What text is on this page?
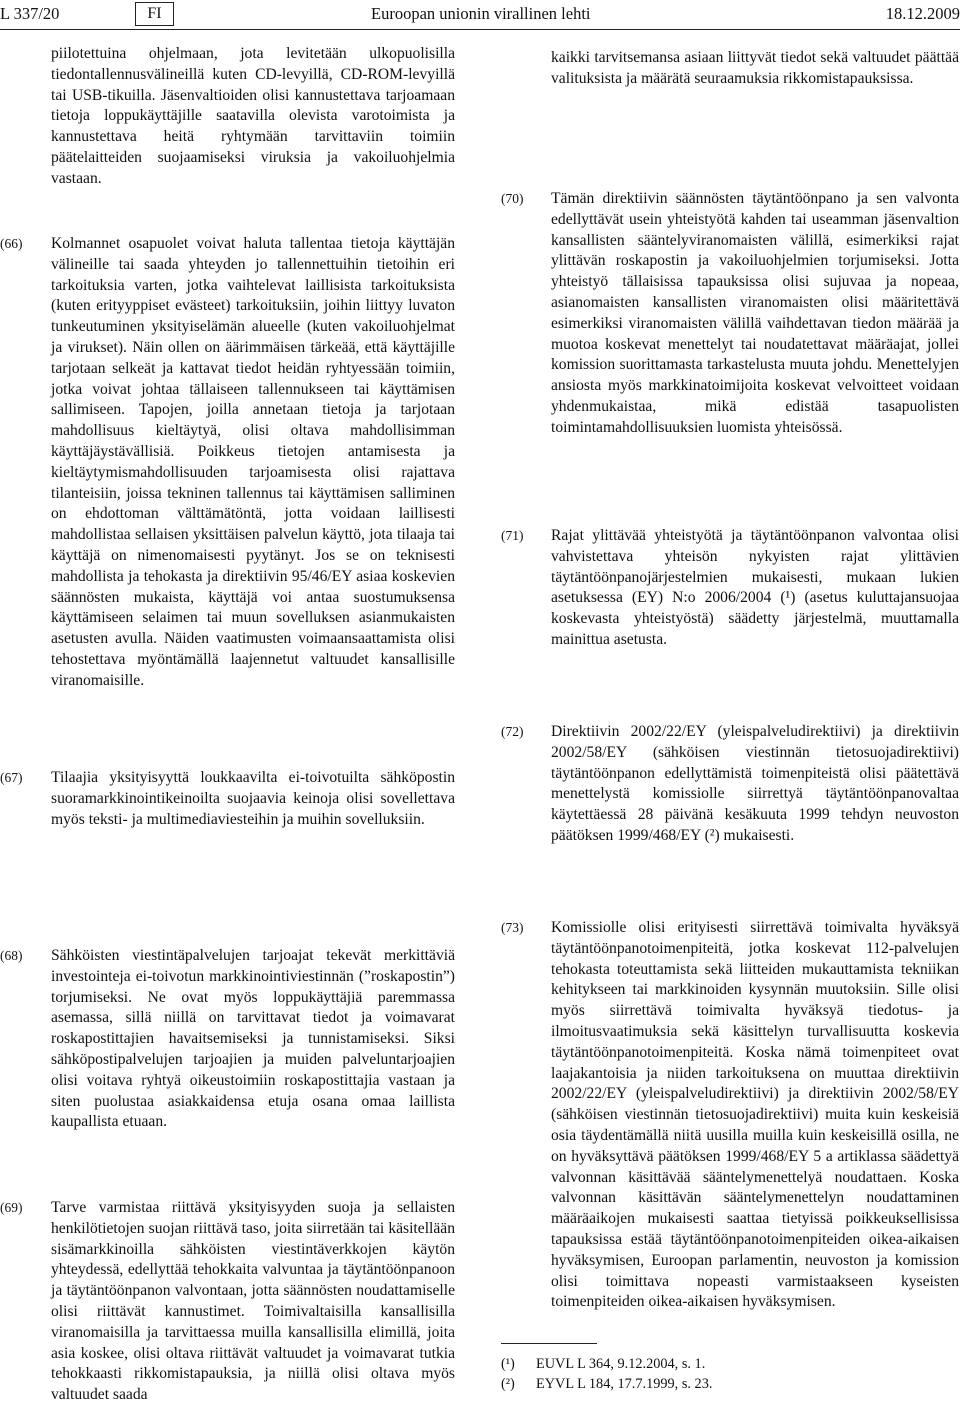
L 337/20	FI	Euroopan unionin virallinen lehti	18.12.2009

piilotettuina ohjelmaan, jota levitetään ulkopuolisilla tiedontallennusvälineillä kuten CD-levyillä, CD-ROM-levyillä tai USB-tikuilla. Jäsenvaltioiden olisi kannustettava tarjoamaan tietoja loppukäyttäjille saatavilla olevista varotoimista ja kannustettava heitä ryhtymään tarvittaviin toimiin päätelaitteiden suojaamiseksi viruksia ja vakoiluohjelmia vastaan.

kaikki tarvitsemansa asiaan liittyvät tiedot sekä valtuudet päättää valituksista ja määrätä seuraamuksia rikkomistapauksissa.

(66) Kolmannet osapuolet voivat haluta tallentaa tietoja käyttäjän välineille tai saada yhteyden jo tallennettuihin tietoihin eri tarkoituksia varten, jotka vaihtelevat laillisista tarkoituksista (kuten erityyppiset evästeet) tarkoituksiin, joihin liittyy luvaton tunkeutuminen yksityiselämän alueelle (kuten vakoiluohjelmat ja virukset). Näin ollen on äärimmäisen tärkeää, että käyttäjille tarjotaan selkeät ja kattavat tiedot heidän ryhtyessään toimiin, jotka voivat johtaa tällaiseen tallennukseen tai käyttämisen sallimiseen. Tapojen, joilla annetaan tietoja ja tarjotaan mahdollisuus kieltäytyä, olisi oltava mahdollisimman käyttäjäystävällisiä. Poikkeus tietojen antamisesta ja kieltäytymismahdollisuuden tarjoamisesta olisi rajattava tilanteisiin, joissa tekninen tallennus tai käyttämisen salliminen on ehdottoman välttämätöntä, jotta voidaan laillisesti mahdollistaa sellaisen yksittäisen palvelun käyttö, jota tilaaja tai käyttäjä on nimenomaisesti pyytänyt. Jos se on teknisesti mahdollista ja tehokasta ja direktiivin 95/46/EY asiaa koskevien säännösten mukaista, käyttäjä voi antaa suostumuksensa käyttämiseen selaimen tai muun sovelluksen asianmukaisten asetusten avulla. Näiden vaatimusten voimaansaattamista olisi tehostettava myöntämällä laajennetut valtuudet kansallisille viranomaisille.

(67) Tilaajia yksityisyyttä loukkaavilta ei-toivotuilta sähköpostin suoramarkkinointikeinoilta suojaavia keinoja olisi sovellettava myös teksti- ja multimediaviesteihin ja muihin sovelluksiin.

(68) Sähköisten viestintäpalvelujen tarjoajat tekevät merkittäviä investointeja ei-toivotun markkinointiviestinnän (”roskapostin”) torjumiseksi. Ne ovat myös loppukäyttäjiä paremmassa asemassa, sillä niillä on tarvittavat tiedot ja voimavarat roskapostittajien havaitsemiseksi ja tunnistamiseksi. Siksi sähköpostipalvelujen tarjoajien ja muiden palveluntarjoajien olisi voitava ryhtyä oikeustoimiin roskapostittajia vastaan ja siten puolustaa asiakkaidensa etuja osana omaa laillista kaupallista etuaan.

(69) Tarve varmistaa riittävä yksityisyyden suoja ja sellaisten henkilötietojen suojan riittävä taso, joita siirretään tai käsitellään sisämarkkinoilla sähköisten viestintäverkkojen käytön yhteydessä, edellyttää tehokkaita valvuntaa ja täytäntöönpanoon ja täytäntöönpanon valvontaan, jotta säännösten noudattamiselle olisi riittävät kannustimet. Toimivaltaisilla kansallisilla viranomaisilla ja tarvittaessa muilla kansallisilla elimillä, joita asia koskee, olisi oltava riittävät valtuudet ja voimavarat tutkia tehokkaasti rikkomistapauksia, ja niillä olisi oltava myös valtuudet saada

(70) Tämän direktiivin säännösten täytäntöönpano ja sen valvonta edellyttävät usein yhteistyötä kahden tai useamman jäsenvaltion kansallisten sääntelyviranomaisten välillä, esimerkiksi rajat ylittävän roskapostin ja vakoiluohjelmien torjumiseksi. Jotta yhteistyö tällaisissa tapauksissa olisi sujuvaa ja nopeaa, asianomaisten kansallisten viranomaisten olisi määritettävä esimerkiksi viranomaisten välillä vaihdettavan tiedon määrää ja muotoa koskevat menettelyt tai noudatettavat määräajat, jollei komission suorittamasta tarkastelusta muuta johdu. Menettelyjen ansiosta myös markkinatoimijoita koskevat velvoitteet voidaan yhdenmukaistaa, mikä edistää tasapuolisten toimintamahdollisuuksien luomista yhteisössä.

(71) Rajat ylittävää yhteistyötä ja täytäntöönpanon valvontaa olisi vahvistettava yhteisön nykyisten rajat ylittävien täytäntöönpanojärjestelmien mukaisesti, mukaan lukien asetuksessa (EY) N:o 2006/2004 (¹) (asetus kuluttajansuojaa koskevasta yhteistyöstä) säädetty järjestelmä, muuttamalla mainittua asetusta.

(72) Direktiivin 2002/22/EY (yleispalveludirektiivi) ja direktiivin 2002/58/EY (sähköisen viestinnän tietosuojadirektiivi) täytäntöönpanon edellyttämistä toimenpiteistä olisi päätettävä menettelystä komissiolle siirrettyä täytäntöönpanovaltaa käytettäessä 28 päivänä kesäkuuta 1999 tehdyn neuvoston päätöksen 1999/468/EY (²) mukaisesti.

(73) Komissiolle olisi erityisesti siirrettävä toimivalta hyväksyä täytäntöönpanotoimenpiteitä, jotka koskevat 112-palvelujen tehokasta toteuttamista sekä liitteiden mukauttamista tekniikan kehitykseen tai markkinoiden kysynnän muutoksiin. Sille olisi myös siirrettävä toimivalta hyväksyä tiedotus- ja ilmoitusvaatimuksia sekä käsittelyn turvallisuutta koskevia täytäntöönpanotoimenpiteitä. Koska nämä toimenpiteet ovat laajakantoisia ja niiden tarkoituksena on muuttaa direktiivin 2002/22/EY (yleispalveludirektiivi) ja direktiivin 2002/58/EY (sähköisen viestinnän tietosuojadirektiivi) muita kuin keskeisiä osia täydentämällä niitä uusilla muilla kuin keskeisillä osilla, ne on hyväksyttävä päätöksen 1999/468/EY 5 a artiklassa säädettyä valvonnan käsittävää sääntelymenettelyä noudattaen. Koska valvonnan käsittävän sääntelymenettelyn noudattaminen määräaikojen mukaisesti saattaa tietyissä poikkeuksellisissa tapauksissa estää täytäntöönpanotoimenpiteiden oikea-aikaisen hyväksymisen, Euroopan parlamentin, neuvoston ja komission olisi toimittava nopeasti varmistaakseen kyseisten toimenpiteiden oikea-aikaisen hyväksymisen.

(¹) EUVL L 364, 9.12.2004, s. 1.
(²) EYVL L 184, 17.7.1999, s. 23.
